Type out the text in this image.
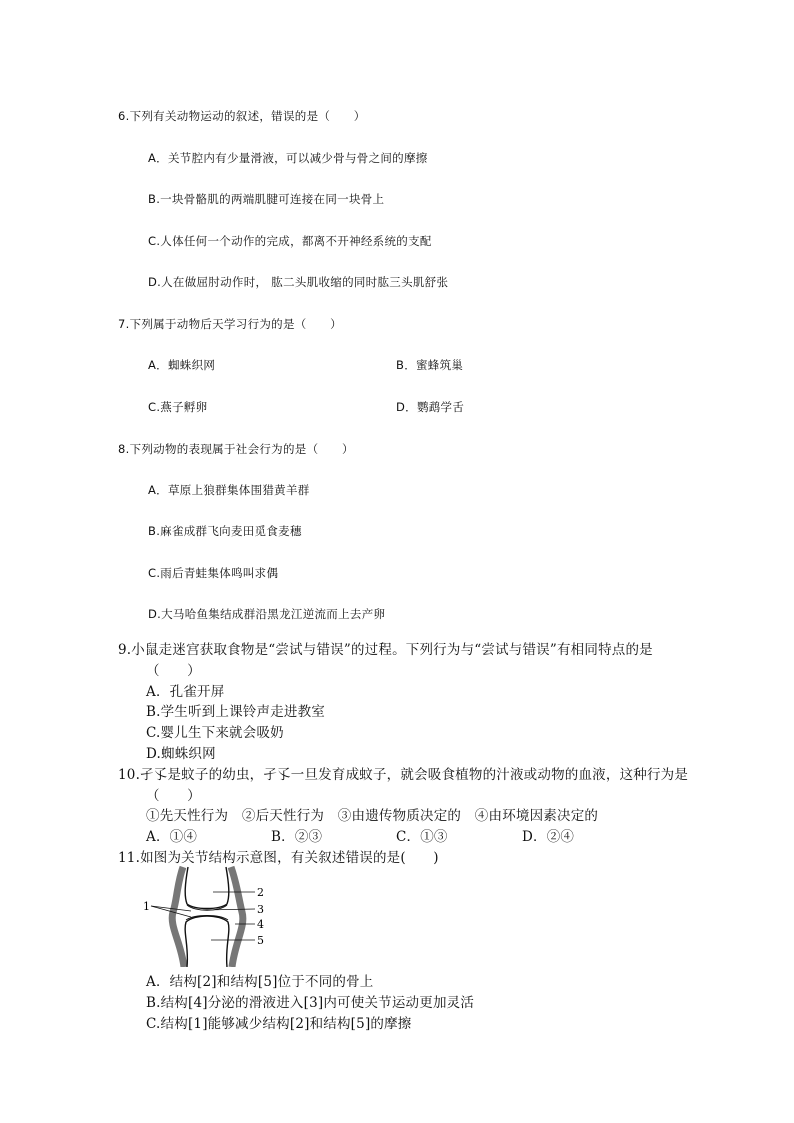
6.下列有关动物运动的叙述，错误的是（　　）
A．关节腔内有少量滑液，可以减少骨与骨之间的摩擦
B.一块骨骼肌的两端肌腱可连接在同一块骨上
C.人体任何一个动作的完成，都离不开神经系统的支配
D.人在做屈肘动作时， 肱二头肌收缩的同时肱三头肌舒张
7.下列属于动物后天学习行为的是（　　）
A．蜘蛛织网	B．蜜蜂筑巢
C.燕子孵卵	D．鹦鹉学舌
8.下列动物的表现属于社会行为的是（　　）
A．草原上狼群集体围猎黄羊群
B.麻雀成群飞向麦田觅食麦穗
C.雨后青蛙集体鸣叫求偶
D.大马哈鱼集结成群沿黑龙江逆流而上去产卵
9.小鼠走迷宫获取食物是“尝试与错误”的过程。下列行为与“尝试与错误”有相同特点的是
（　　）
A．孔雀开屏
B.学生听到上课铃声走进教室
C.婴儿生下来就会吸奶
D.蜘蛛织网
10.孑孓是蚊子的幼虫，孑孓一旦发育成蚊子，就会吸食植物的汁液或动物的血液，这种行为是
（　　）
①先天性行为　②后天性行为　③由遗传物质决定的　④由环境因素决定的
A．①④	B．②③	C．①③	D．②④
11.如图为关节结构示意图，有关叙述错误的是(　　)
1
2
3
4
5
A．结构[2]和结构[5]位于不同的骨上
B.结构[4]分泌的滑液进入[3]内可使关节运动更加灵活
C.结构[1]能够减少结构[2]和结构[5]的摩擦
